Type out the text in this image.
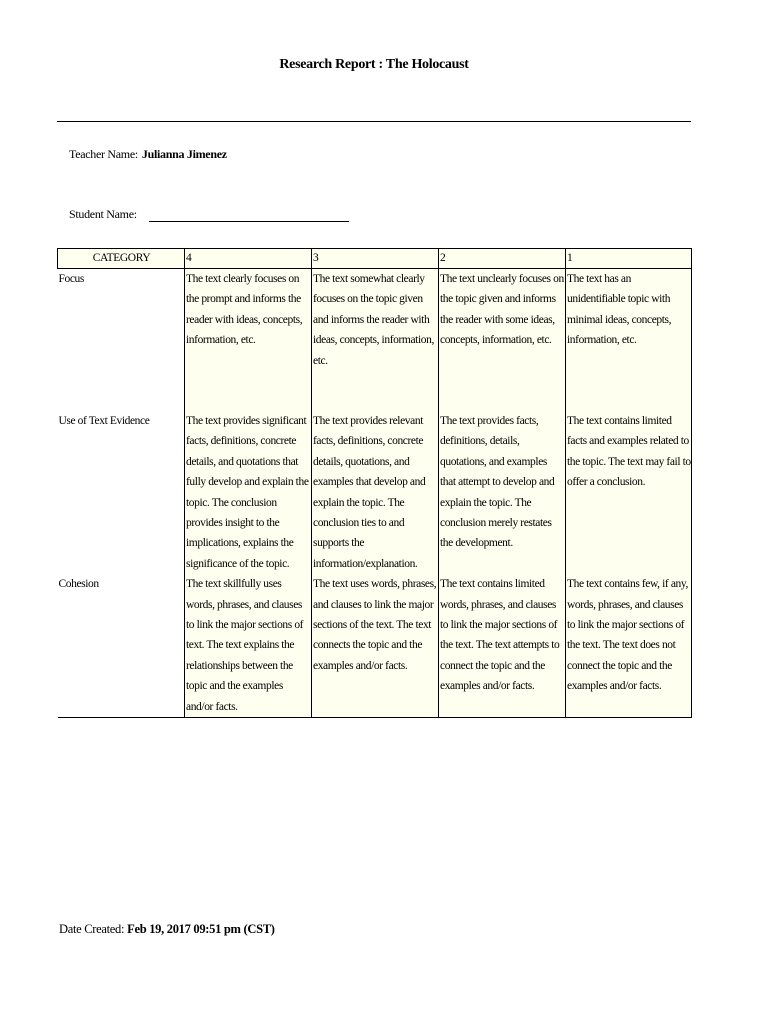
Research Report : The Holocaust
Teacher Name: Julianna Jimenez
Student Name:
CATEGORY	4	3	2	1
Focus	The text clearly focuses on the prompt and informs the reader with ideas, concepts, information, etc.	The text somewhat clearly focuses on the topic given and informs the reader with ideas, concepts, information, etc.	The text unclearly focuses on the topic given and informs the reader with some ideas, concepts, information, etc.	The text has an unidentifiable topic with minimal ideas, concepts, information, etc.
Use of Text Evidence	The text provides significant facts, definitions, concrete details, and quotations that fully develop and explain the topic. The conclusion provides insight to the implications, explains the significance of the topic.	The text provides relevant facts, definitions, concrete details, quotations, and examples that develop and explain the topic. The conclusion ties to and supports the information/explanation.	The text provides facts, definitions, details, quotations, and examples that attempt to develop and explain the topic. The conclusion merely restates the development.	The text contains limited facts and examples related to the topic. The text may fail to offer a conclusion.
Cohesion	The text skillfully uses words, phrases, and clauses to link the major sections of text. The text explains the relationships between the topic and the examples and/or facts.	The text uses words, phrases, and clauses to link the major sections of the text. The text connects the topic and the examples and/or facts.	The text contains limited words, phrases, and clauses to link the major sections of the text. The text attempts to connect the topic and the examples and/or facts.	The text contains few, if any, words, phrases, and clauses to link the major sections of the text. The text does not connect the topic and the examples and/or facts.
Date Created: Feb 19, 2017 09:51 pm (CST)
